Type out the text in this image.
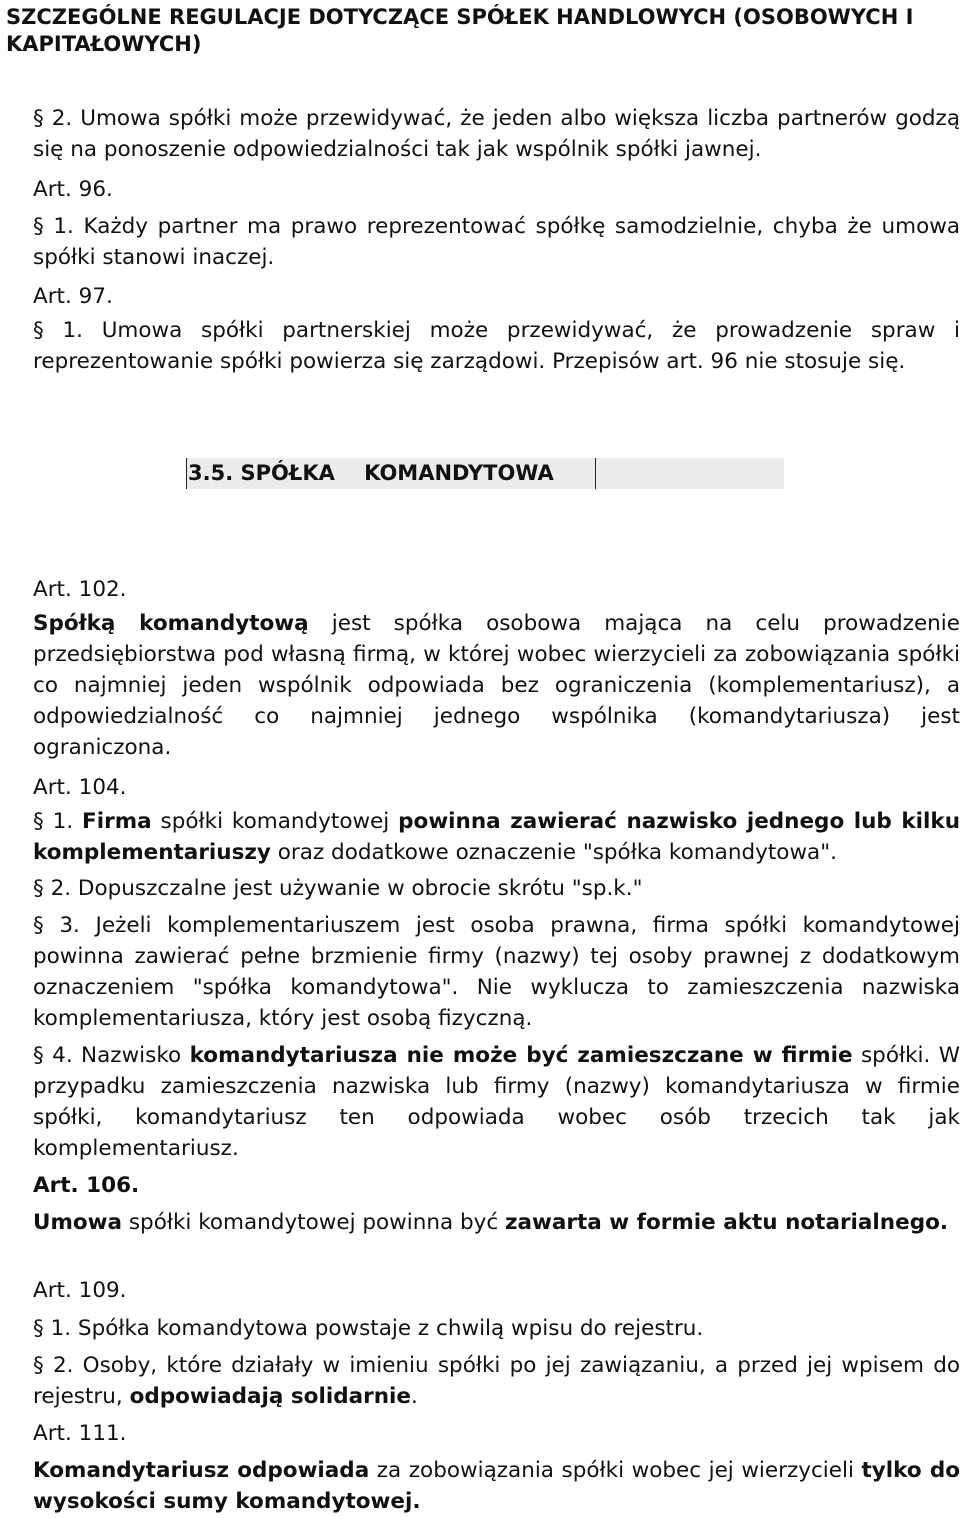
SZCZEGÓLNE REGULACJE DOTYCZĄCE SPÓŁEK HANDLOWYCH (OSOBOWYCH I KAPITAŁOWYCH)

§ 2. Umowa spółki może przewidywać, że jeden albo większa liczba partnerów godzą się na ponoszenie odpowiedzialności tak jak wspólnik spółki jawnej.

Art. 96.

§ 1. Każdy partner ma prawo reprezentować spółkę samodzielnie, chyba że umowa spółki stanowi inaczej.

Art. 97.

§ 1. Umowa spółki partnerskiej może przewidywać, że prowadzenie spraw i reprezentowanie spółki powierza się zarządowi. Przepisów art. 96 nie stosuje się.

3.5. SPÓŁKA    KOMANDYTOWA

Art. 102.

Spółką komandytową jest spółka osobowa mająca na celu prowadzenie przedsiębiorstwa pod własną firmą, w której wobec wierzycieli za zobowiązania spółki co najmniej jeden wspólnik odpowiada bez ograniczenia (komplementariusz), a odpowiedzialność co najmniej jednego wspólnika (komandytariusza) jest ograniczona.

Art. 104.

§ 1. Firma spółki komandytowej powinna zawierać nazwisko jednego lub kilku komplementariuszy oraz dodatkowe oznaczenie "spółka komandytowa".

§ 2. Dopuszczalne jest używanie w obrocie skrótu "sp.k."

§ 3. Jeżeli komplementariuszem jest osoba prawna, firma spółki komandytowej powinna zawierać pełne brzmienie firmy (nazwy) tej osoby prawnej z dodatkowym oznaczeniem "spółka komandytowa". Nie wyklucza to zamieszczenia nazwiska komplementariusza, który jest osobą fizyczną.

§ 4. Nazwisko komandytariusza nie może być zamieszczane w firmie spółki. W przypadku zamieszczenia nazwiska lub firmy (nazwy) komandytariusza w firmie spółki, komandytariusz ten odpowiada wobec osób trzecich tak jak komplementariusz.

Art. 106.

Umowa spółki komandytowej powinna być zawarta w formie aktu notarialnego.

Art. 109.

§ 1. Spółka komandytowa powstaje z chwilą wpisu do rejestru.

§ 2. Osoby, które działały w imieniu spółki po jej zawiązaniu, a przed jej wpisem do rejestru, odpowiadają solidarnie.

Art. 111.

Komandytariusz odpowiada za zobowiązania spółki wobec jej wierzycieli tylko do wysokości sumy komandytowej.
